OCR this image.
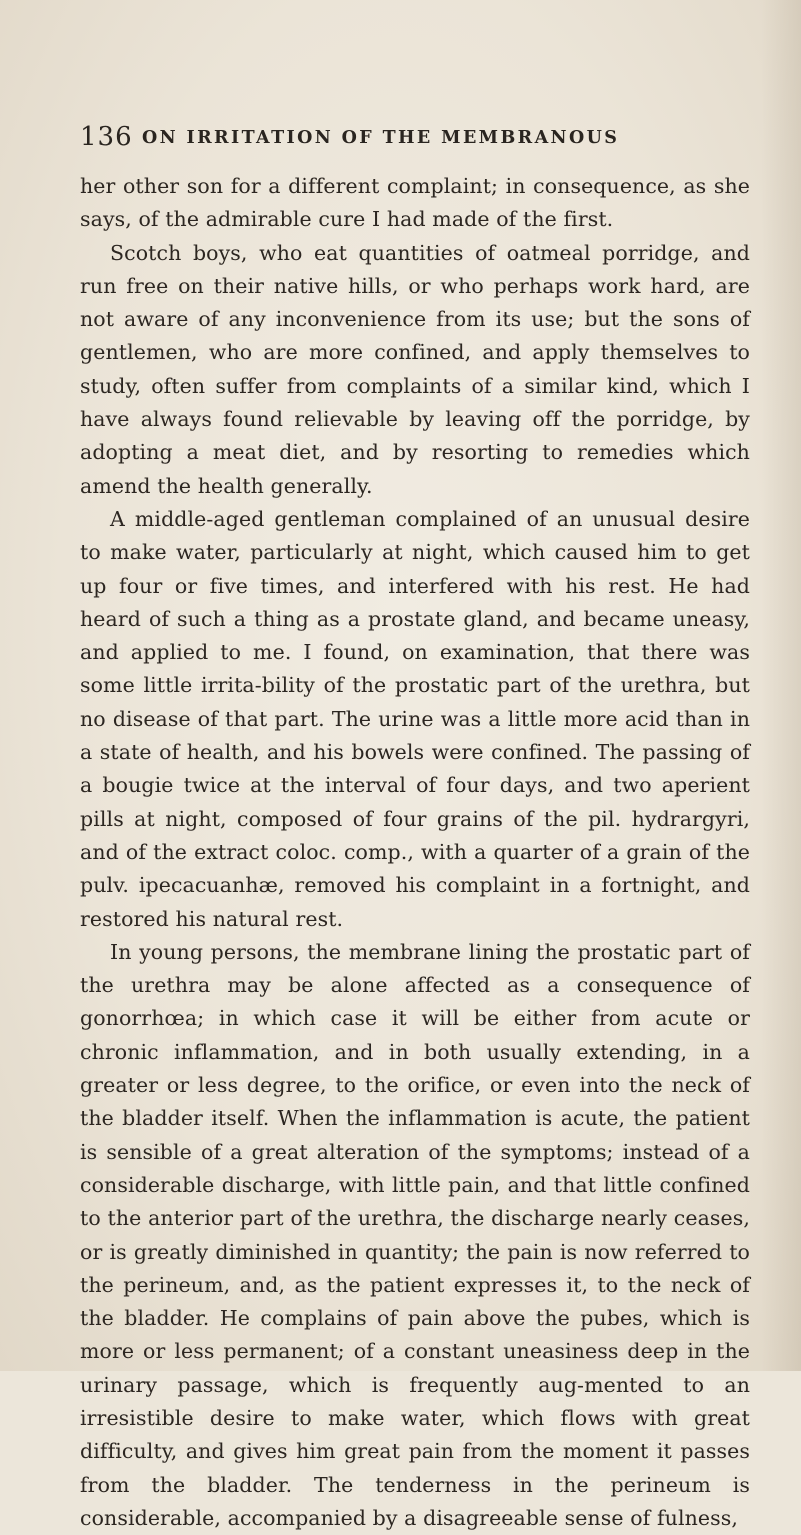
136 ON IRRITATION OF THE MEMBRANOUS

her other son for a different complaint; in consequence, as she says, of the admirable cure I had made of the first.

Scotch boys, who eat quantities of oatmeal porridge, and run free on their native hills, or who perhaps work hard, are not aware of any inconvenience from its use; but the sons of gentlemen, who are more confined, and apply themselves to study, often suffer from complaints of a similar kind, which I have always found relievable by leaving off the porridge, by adopting a meat diet, and by resorting to remedies which amend the health generally.

A middle-aged gentleman complained of an unusual desire to make water, particularly at night, which caused him to get up four or five times, and interfered with his rest. He had heard of such a thing as a prostate gland, and became uneasy, and applied to me. I found, on examination, that there was some little irrita-bility of the prostatic part of the urethra, but no disease of that part. The urine was a little more acid than in a state of health, and his bowels were confined. The passing of a bougie twice at the interval of four days, and two aperient pills at night, composed of four grains of the pil. hydrargyri, and of the extract coloc. comp., with a quarter of a grain of the pulv. ipecacuanhæ, removed his complaint in a fortnight, and restored his natural rest.

In young persons, the membrane lining the prostatic part of the urethra may be alone affected as a consequence of gonorrhœa; in which case it will be either from acute or chronic inflammation, and in both usually extending, in a greater or less degree, to the orifice, or even into the neck of the bladder itself. When the inflammation is acute, the patient is sensible of a great alteration of the symptoms; instead of a considerable discharge, with little pain, and that little confined to the anterior part of the urethra, the discharge nearly ceases, or is greatly diminished in quantity; the pain is now referred to the perineum, and, as the patient expresses it, to the neck of the bladder. He complains of pain above the pubes, which is more or less permanent; of a constant uneasiness deep in the urinary passage, which is frequently aug-mented to an irresistible desire to make water, which flows with great difficulty, and gives him great pain from the moment it passes from the bladder. The tenderness in the perineum is considerable, accompanied by a disagreeable sense of fulness,
